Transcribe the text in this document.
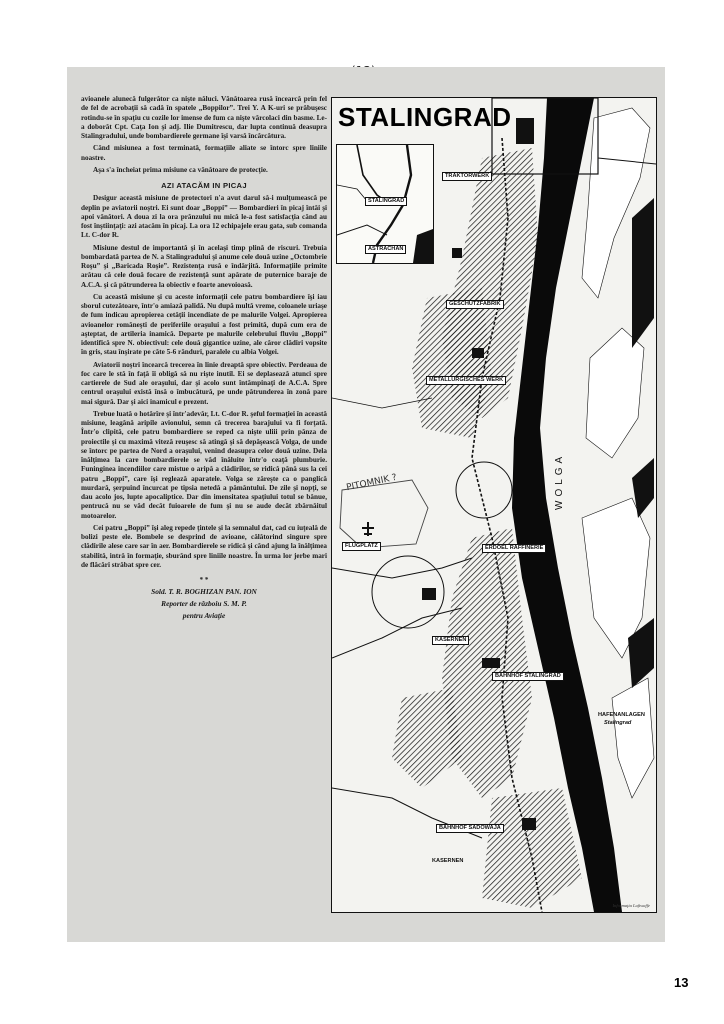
avioanele alunecă fulgerător ca nişte năluci. Vânătoarea rusă încearcă prin fel de fel de acrobaţii să cadă în spatele „Boppilor”. Trei Y. A K-uri se prăbuşesc rotindu-se în spaţiu cu cozile lor imense de fum ca nişte vârcolaci din basme. Le-a doborât Cpt. Caţa Ion şi adj. Ilie Dumitrescu, dar lupta continuă deasupra Stalingradului, unde bombardierele germane îşi varsă încărcătura.

Când misiunea a fost terminată, formaţiile aliate se întorc spre liniile noastre.

Aşa s'a încheiat prima misiune ca vânătoare de protecţie.

AZI ATACĂM IN PICAJ

Desigur această misiune de protectori n'a avut darul să-i mulţumească pe deplin pe aviatorii noştri. Ei sunt doar „Boppi” — Bombardieri în picaj întâi şi apoi vânători. A doua zi la ora prânzului nu mică le-a fost satisfacţia când au fost înştiinţaţi: azi atacăm în picaj. La ora 12 echipajele erau gata, sub comanda Lt. C-dor R.

Misiune destul de importantă şi în acelaşi timp plină de riscuri. Trebuia bombardată partea de N. a Stalingradului şi anume cele două uzine „Octombrie Roşu” şi „Baricada Roşie”. Rezistenţa rusă e îndârjită. Informaţiile primite arătau că cele două focare de rezistenţă sunt apărate de puternice baraje de A.C.A. şi că pătrunderea la obiectiv e foarte anevoioasă.

Cu această misiune şi cu aceste informaţii cele patru bombardiere îşi iau sborul cutezătoare, într'o amiază palidă. Nu după multă vreme, coloanele uriaşe de fum indicau apropierea cetăţii incendiate de pe malurile Volgei. Apropierea avioanelor româneşti de periferiile oraşului a fost primită, după cum era de aşteptat, de artileria inamică. Departe pe malurile celebrului fluviu „Boppi” identifică spre N. obiectivul: cele două gigantice uzine, ale căror clădiri vopsite în gris, stau înşirate pe câte 5-6 rânduri, paralele cu albia Volgei.

Aviatorii noştri încearcă trecerea în linie dreaptă spre obiectiv. Perdeaua de foc care le stă în faţă îi obligă să nu rişte inutil. Ei se deplasează atunci spre cartierele de Sud ale oraşului, dar şi acolo sunt întâmpinaţi de A.C.A. Spre centrul oraşului există însă o îmbucătură, pe unde pătrunderea în zonă pare mai sigură. Dar şi aici inamicul e prezent.

Trebue luată o hotărîre şi într'adevăr, Lt. C-dor R. şeful formaţiei în această misiune, leagănă aripile avionului, semn că trecerea barajului va fi forţată. Într'o clipită, cele patru bombardiere se reped ca nişte uliii prin pânza de proiectile şi cu maximă viteză reuşesc să atingă şi să depăşească Volga, de unde se întorc pe partea de Nord a oraşului, venind deasupra celor două uzine. Dela înălţimea la care bombardierele se văd înăluite într'o ceaţă plumburie. Funinginea incendiilor care mistue o aripă a clădirilor, se ridică până sus la cei patru „Boppi”, care îşi reglează aparatele. Volga se zăreşte ca o panglică murdară, şerpuind încurcat pe tipsia netedă a pământului. De zile şi nopţi, se dau acolo jos, lupte apocalipticе. Dar din imensitatea spaţiului totul se bănue, pentrucă nu se văd decât fuioarele de fum şi nu se aude decât zbârnâitul motoarelor.

Cei patru „Boppi” îşi aleg repede ţintele şi la semnalul dat, cad cu iuţeală de bolizi peste ele. Bombele se desprind de avioane, călătorind singure spre clădirile alese care sar în aer. Bombardierele se ridică şi când ajung la înălţimea stabilită, intră în formaţie, sburând spre liniile noastre. În urma lor jerbe mari de flăcări străbat spre cer.

* *
Sold. T. R. BOGHIZAN PAN. ION
Reporter de războiu S. M. P.
pentru Aviaţie
STALINGRAD
STALINGRAD
ASTRACHAN
TRAKTORWERK
GESCHÜTZFABRIK
METALLURGISCHES WERK
PITOMNIK ?
FLUGPLATZ	ERDOEL RAFFINERIE
KASERNEN
BAHNHOF STALINGRAD
HAFENANLAGEN
Stalingrad
BAHNHOF SADOWAJA
KASERNEN
WOLGA
Informaţia Luftwaffe
13
